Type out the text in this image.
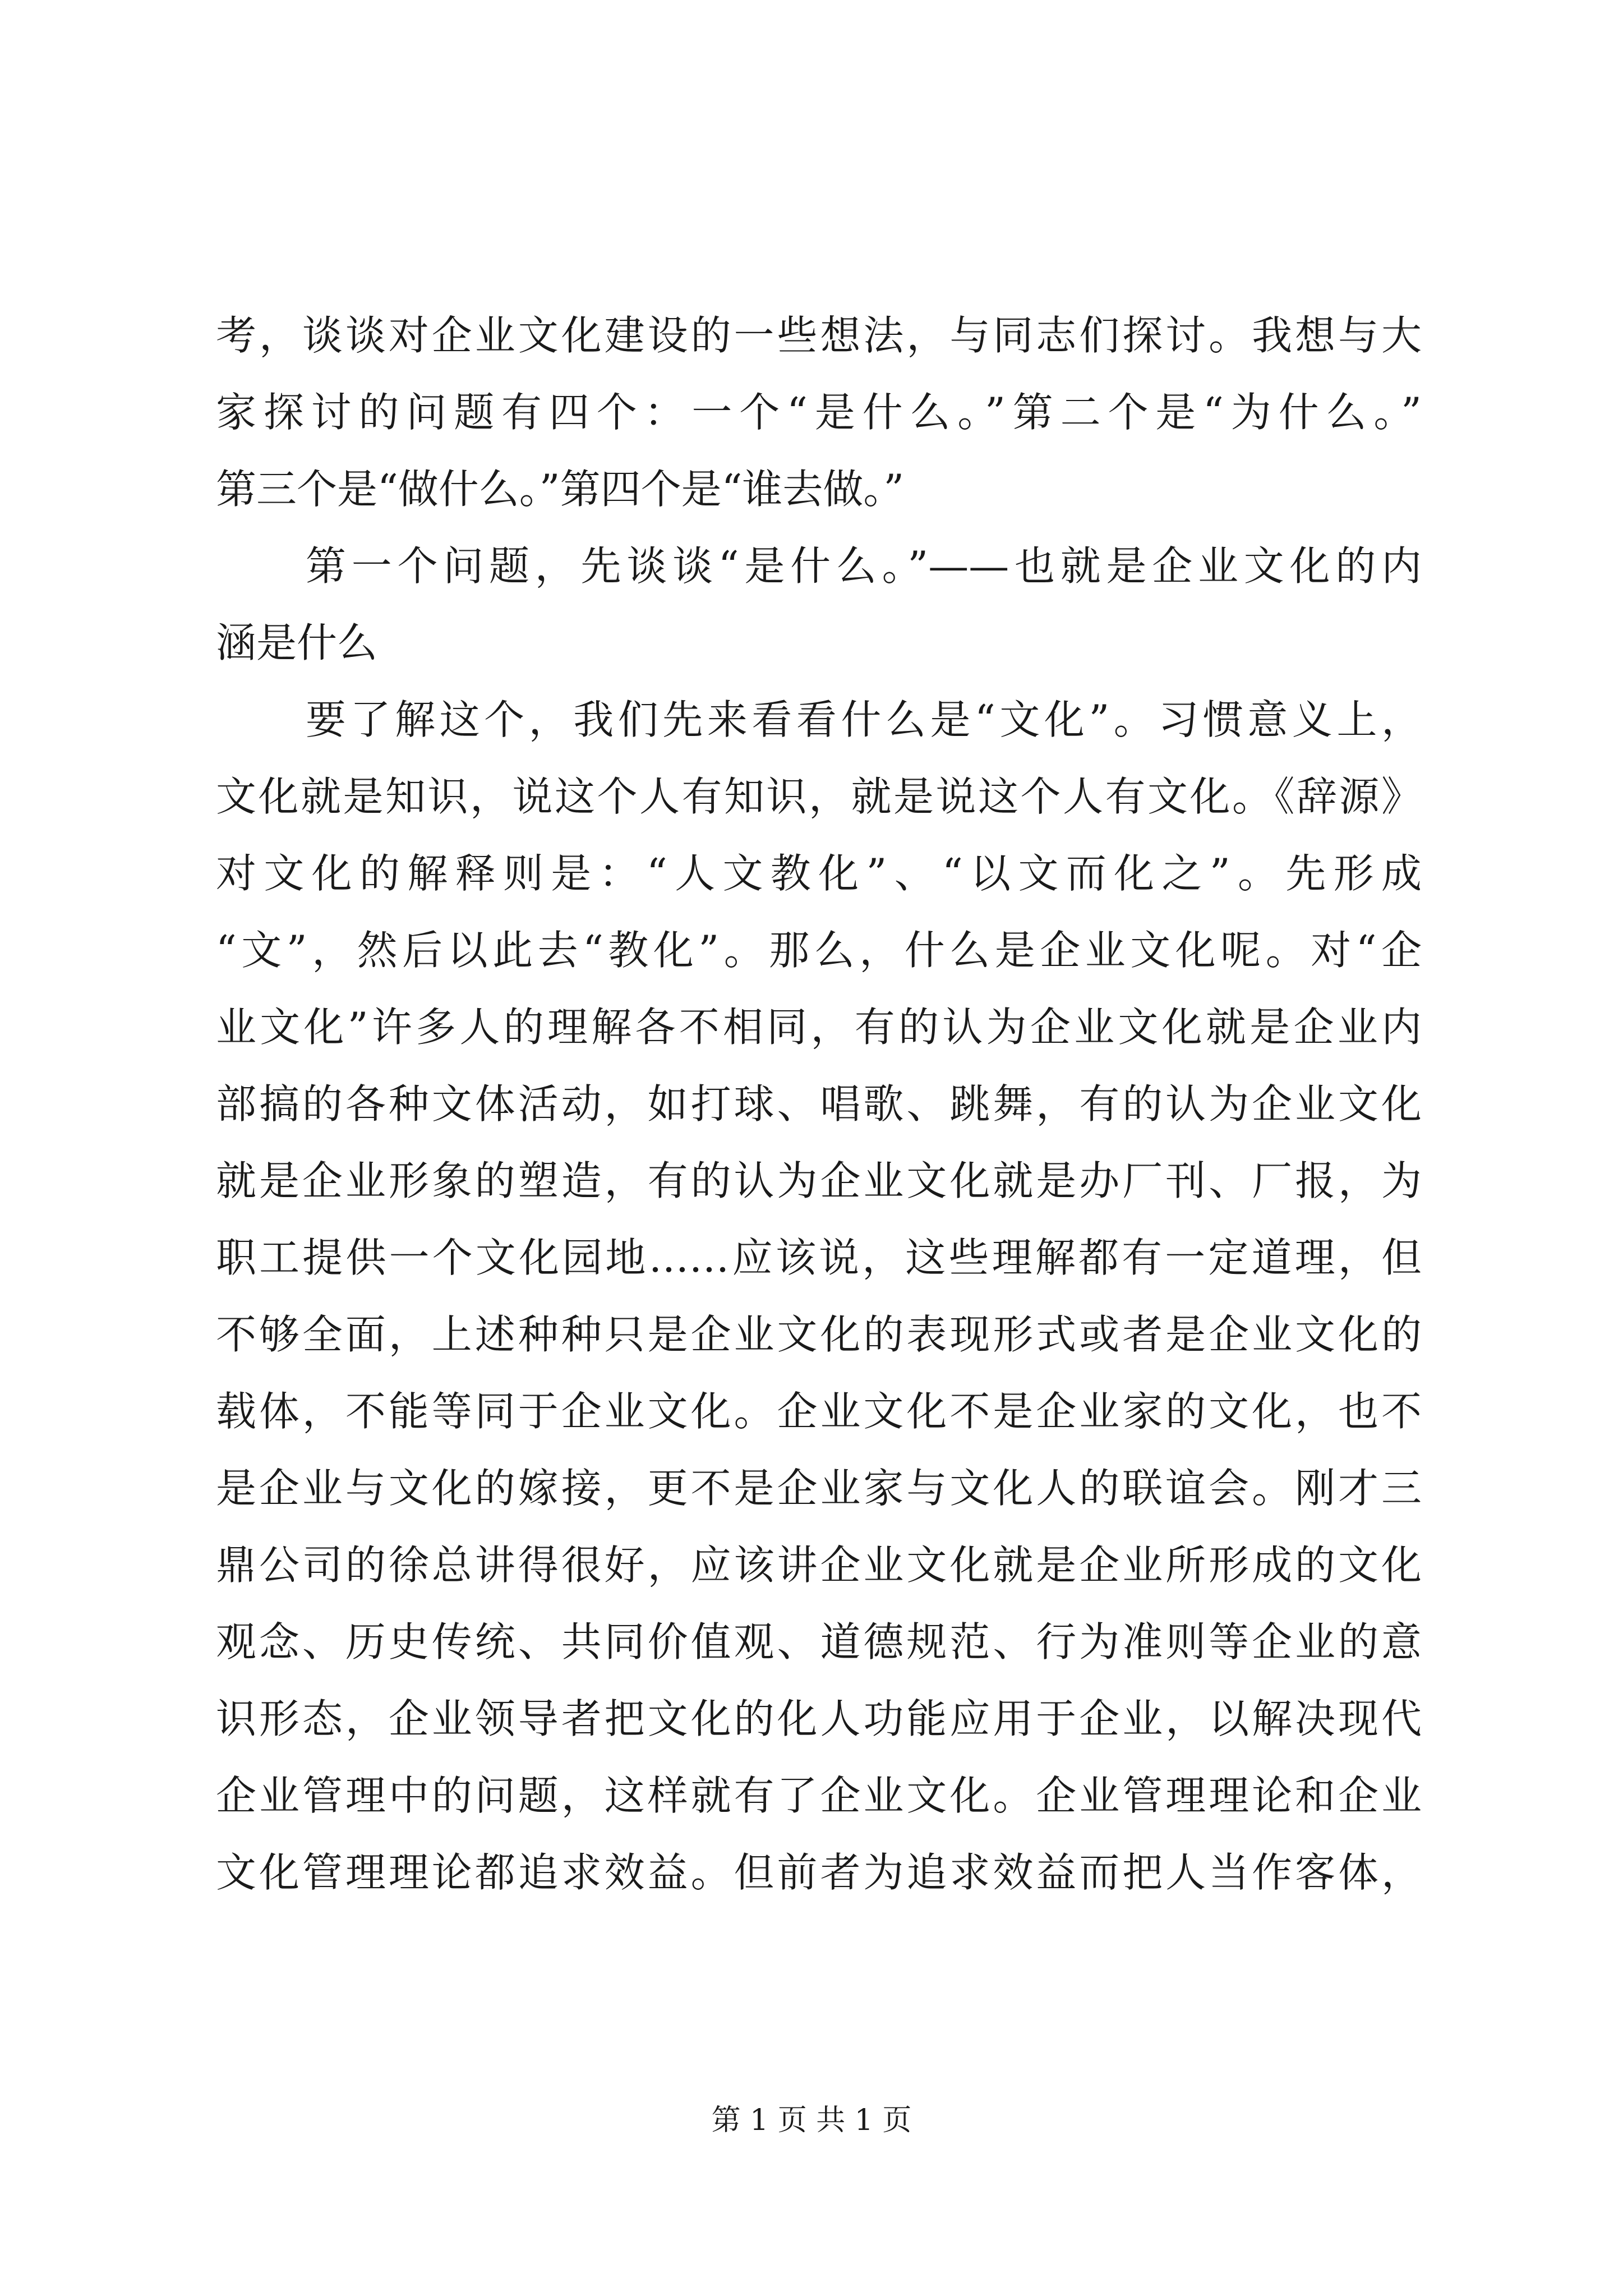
考，谈谈对企业文化建设的一些想法，与同志们探讨。我想与大
家探讨的问题有四个：一个“是什么。”第二个是“为什么。”
第三个是“做什么。”第四个是“谁去做。”
第一个问题，先谈谈“是什么。”——也就是企业文化的内
涵是什么
要了解这个，我们先来看看什么是“文化”。习惯意义上，
文化就是知识，说这个人有知识，就是说这个人有文化。《辞源》
对文化的解释则是：“人文教化”、“以文而化之”。先形成
“文”，然后以此去“教化”。那么，什么是企业文化呢。对“企
业文化”许多人的理解各不相同，有的认为企业文化就是企业内
部搞的各种文体活动，如打球、唱歌、跳舞，有的认为企业文化
就是企业形象的塑造，有的认为企业文化就是办厂刊、厂报，为
职工提供一个文化园地……应该说，这些理解都有一定道理，但
不够全面，上述种种只是企业文化的表现形式或者是企业文化的
载体，不能等同于企业文化。企业文化不是企业家的文化，也不
是企业与文化的嫁接，更不是企业家与文化人的联谊会。刚才三
鼎公司的徐总讲得很好，应该讲企业文化就是企业所形成的文化
观念、历史传统、共同价值观、道德规范、行为准则等企业的意
识形态，企业领导者把文化的化人功能应用于企业，以解决现代
企业管理中的问题，这样就有了企业文化。企业管理理论和企业
文化管理理论都追求效益。但前者为追求效益而把人当作客体，
第 1 页 共 1 页
